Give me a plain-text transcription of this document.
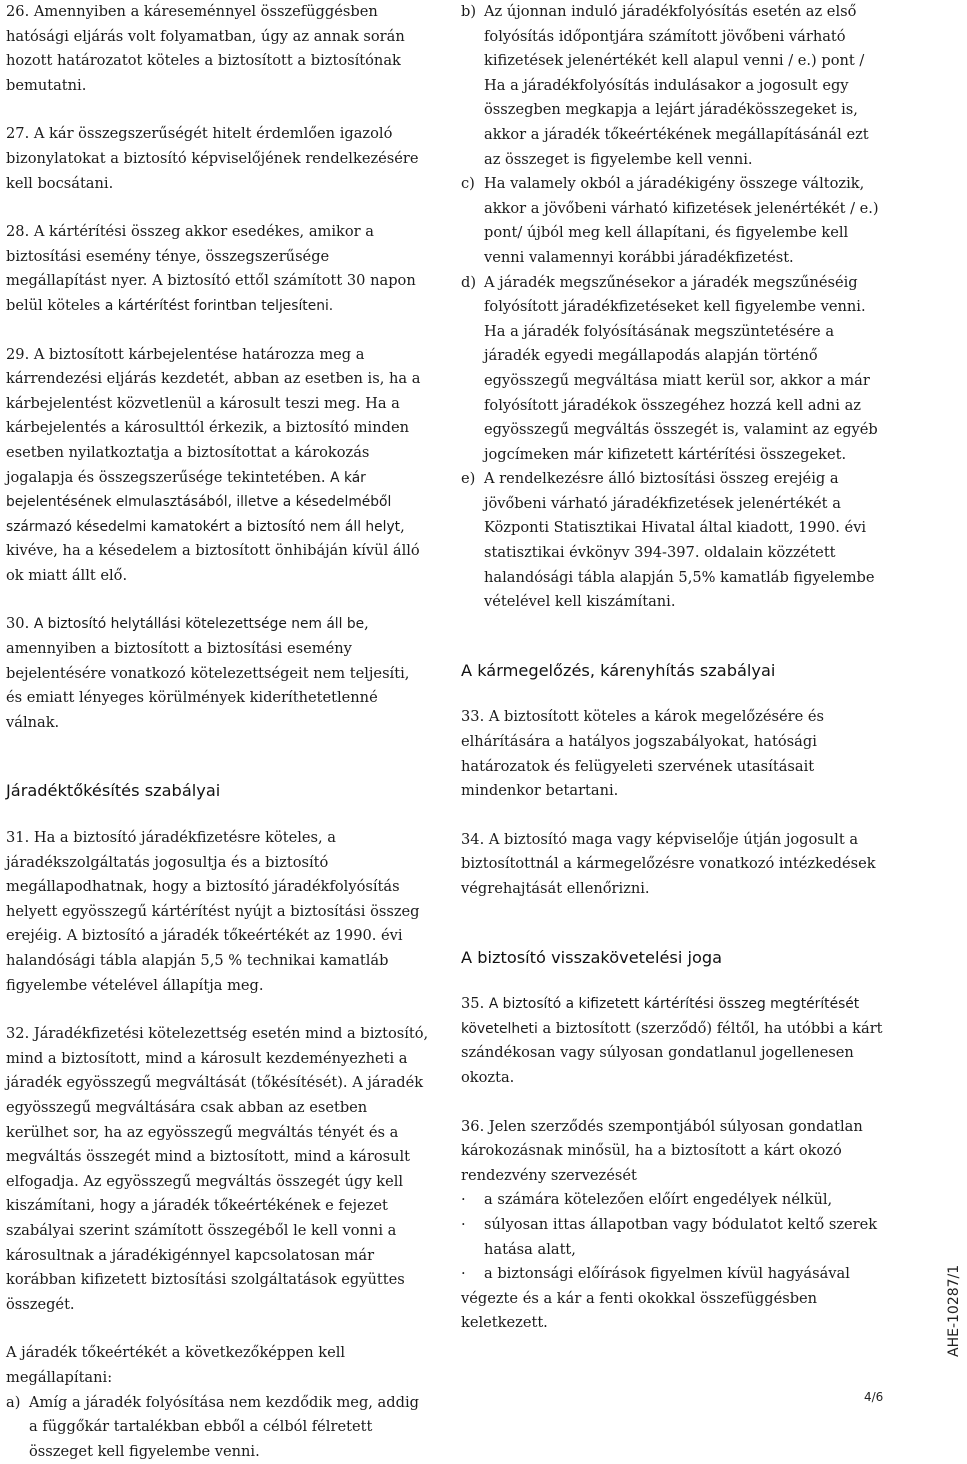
26. Amennyiben a káreseménnyel összefüggésben hatósági eljárás volt folyamatban, úgy az annak során hozott határozatot köteles a biztosított a biztosítónak bemutatni.

27. A kár összegszerűségét hitelt érdemlően igazoló bizonylatokat a biztosító képviselőjének rendelkezésére kell bocsátani.

28. A kártérítési összeg akkor esedékes, amikor a biztosítási esemény ténye, összegszerűsége megállapítást nyer. A biztosító ettől számított 30 napon belül köteles a kártérítést forintban teljesíteni.

29. A biztosított kárbejelentése határozza meg a kárrendezési eljárás kezdetét, abban az esetben is, ha a kárbejelentést közvetlenül a károsult teszi meg. Ha a kárbejelentés a károsulttól érkezik, a biztosító minden esetben nyilatkoztatja a biztosítottat a károkozás jogalapja és összegszerűsége tekintetében. A kár bejelentésének elmulasztásából, illetve a késedelméből származó késedelmi kamatokért a biztosító nem áll helyt, kivéve, ha a késedelem a biztosított önhibáján kívül álló ok miatt állt elő.

30. A biztosító helytállási kötelezettsége nem áll be, amennyiben a biztosított a biztosítási esemény bejelentésére vonatkozó kötelezettségeit nem teljesíti, és emiatt lényeges körülmények kideríthetetlenné válnak.

Járadéktőkésítés szabályai

31. Ha a biztosító járadékfizetésre köteles, a járadékszolgáltatás jogosultja és a biztosító megállapodhatnak, hogy a biztosító járadékfolyósítás helyett egyösszegű kártérítést nyújt a biztosítási összeg erejéig. A biztosító a járadék tőkeértékét az 1990. évi halandósági tábla alapján 5,5 % technikai kamatláb figyelembe vételével állapítja meg.

32. Járadékfizetési kötelezettség esetén mind a biztosító, mind a biztosított, mind a károsult kezdeményezheti a járadék egyösszegű megváltását (tőkésítését). A járadék egyösszegű megváltására csak abban az esetben kerülhet sor, ha az egyösszegű megváltás tényét és a megváltás összegét mind a biztosított, mind a károsult elfogadja. Az egyösszegű megváltás összegét úgy kell kiszámítani, hogy a járadék tőkeértékének e fejezet szabályai szerint számított összegéből le kell vonni a károsultnak a járadékigénnyel kapcsolatosan már korábban kifizetett biztosítási szolgáltatások együttes összegét.

A járadék tőkeértékét a következőképpen kell megállapítani:

a) Amíg a járadék folyósítása nem kezdődik meg, addig a függőkár tartalékban ebből a célból félretett összeget kell figyelembe venni.
b) Az újonnan induló járadékfolyósítás esetén az első folyósítás időpontjára számított jövőbeni várható kifizetések jelenértékét kell alapul venni / e.) pont / Ha a járadékfolyósítás indulásakor a jogosult egy összegben megkapja a lejárt járadékösszegeket is, akkor a járadék tőkeértékének megállapításánál ezt az összeget is figyelembe kell venni.
c) Ha valamely okból a járadékigény összege változik, akkor a jövőbeni várható kifizetések jelenértékét / e.) pont/ újból meg kell állapítani, és figyelembe kell venni valamennyi korábbi járadékfizetést.
d) A járadék megszűnésekor a járadék megszűnéséig folyósított járadékfizetéseket kell figyelembe venni. Ha a járadék folyósításának megszüntetésére a járadék egyedi megállapodás alapján történő egyösszegű megváltása miatt kerül sor, akkor a már folyósított járadékok összegéhez hozzá kell adni az egyösszegű megváltás összegét is, valamint az egyéb jogcímeken már kifizetett kártérítési összegeket.
e) A rendelkezésre álló biztosítási összeg erejéig a jövőbeni várható járadékfizetések jelenértékét a Központi Statisztikai Hivatal által kiadott, 1990. évi statisztikai évkönyv 394-397. oldalain közzétett halandósági tábla alapján 5,5% kamatláb figyelembe vételével kell kiszámítani.

A kármegelőzés, kárenyhítás szabályai

33. A biztosított köteles a károk megelőzésére és elhárítására a hatályos jogszabályokat, hatósági határozatok és felügyeleti szervének utasításait mindenkor betartani.

34. A biztosító maga vagy képviselője útján jogosult a biztosítottnál a kármegelőzésre vonatkozó intézkedések végrehajtását ellenőrizni.

A biztosító visszakövetelési joga

35. A biztosító a kifizetett kártérítési összeg megtérítését követelheti a biztosított (szerződő) féltől, ha utóbbi a kárt szándékosan vagy súlyosan gondatlanul jogellenesen okozta.

36. Jelen szerződés szempontjából súlyosan gondatlan károkozásnak minősül, ha a biztosított a kárt okozó rendezvény szervezését

·	a számára kötelezően előírt engedélyek nélkül,
·	súlyosan ittas állapotban vagy bódulatot keltő szerek hatása alatt,
·	a biztonsági előírások figyelmen kívül hagyásával

végezte és a kár a fenti okokkal összefüggésben keletkezett.	AHE-10287/1
4/6
